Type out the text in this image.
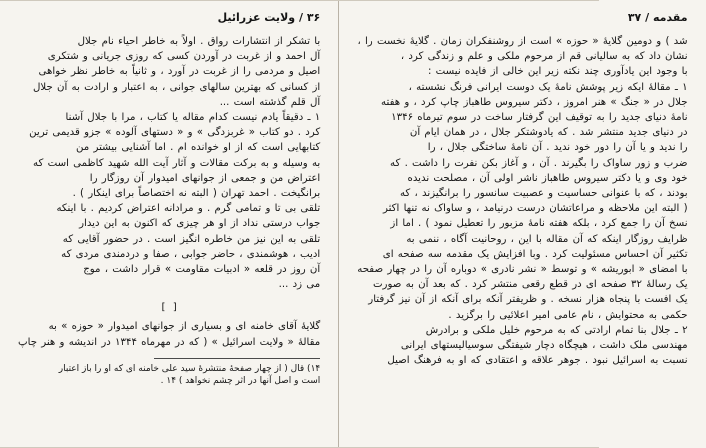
۳۶ / ولایت عزرائیل
با تشکر از انتشارات رواق . اولاً به خاطر احیاء نام جلال
آل احمد و از غربت در آوردن کسی که روزی جریانی و شتکری
اصیل و مردمی را از غربت در آورد ، و ثانیاً به خاطر نظر خواهی
از کسانی که بهترین سالهای جوانی ، به اعتبار و ارادت به آن جلال
آل قلم گذشته است ...
۱ ـ دقیقاً یادم نیست کدام مقاله یا کتاب ، مرا با جلال آشنا
کرد . دو کتاب « غربزدگی » و « دستهای آلوده » جزو قدیمی ترین
کتابهایی است که از او خوانده ام . اما آشنایی بیشتر من
به وسیله و به برکت مقالات و آثار آیت الله شهید کاظمی است که
اعتراض من و جمعی از جوانهای امیدوار آن روزگار را
برانگیخت . احمد تهران ( البته نه اختصاصاً برای اینکار ) .
تلقی بی تا و تمامی گرم . و مرادانه اعتراض کردیم . با اینکه
جواب درستی نداد از او هر چیزی که اکنون به این دیدار
تلقی به این نیز من خاطره انگیز است . در حضور آقایی که
ادیب ، هوشمندی ، حاضر جوابی ، صفا و دردمندی مردی که
آن روز در قلعه « ادبیات مقاومت » قرار داشت ، موج
می زد ...
[ ]
گلایهٔ آقای خامنه ای و بسیاری از جوانهای امیدوار « حوزه » به
مقالهٔ « ولایت اسرائیل » ( که در مهرماه ۱۳۴۴ در اندیشه و هنر چاپ
۱۴) قال ( از چهار صفحهٔ منتشرهٔ سید علی خامنه ای که او را باز اعتبار
است و اصل آنها در اثر چشم نخواهد ) ۱۴ .
مقدمه / ۳۷
شد ) و دومین گلایهٔ « حوزه » است از روشنفکران زمان . گلایهٔ نخست را ،
نشان داد که به سالیانی قم از مرحوم ملکی و علم و زندگی کرد ،
با وجود این یادآوری چند نکته زیر این خالی از فایده نیست :
۱ ـ مقالهٔ ایکه زیر پوشش نامهٔ یک دوست ایرانی فرنگ نشسته ،
جلال در « جنگ » هنر امروز ، دکتر سیروس طاهباز چاپ کرد ، و هفته
نامهٔ دنیای جدید را به توقیف این گرفتار ساخت در سوم تیرماه ۱۳۴۶
در دنیای جدید منتشر شد . که یادوشتکر جلال ، در همان ایام آن
را ندید و یا آن را دور خود ندید . آن نامهٔ ساختگی جلال ، را
ضرب و زور ساواک را بگیرند . آن ، و آغاز بکن نفرت را داشت . که
خود وی و یا دکتر سیروس طاهباز ناشر اولی آن ، مصلحت ندیده
بودند ، که با عنوانی حساسیت و عصبیت سانسور را برانگیزند ، که
( البته این ملاحظه و مراعاتشان درست درنیامد ، و ساواک نه تنها اکثر
نسخ آن را جمع کرد ، بلکه هفته نامهٔ مزبور را تعطیل نمود ) . اما از
ظرایف روزگار اینکه که آن مقاله با این ، روحانیت آگاه ، ننمی به
تکثیر آن احساس مسئولیت کرد . وبا افزایش یک مقدمه سه صفحه ای
با امضای « ابوریشه » و توسط « نشر نادری » دوباره آن را در چهار صفحه
یک رسالهٔ ۳۲ صفحه ای در قطع رقعی منتشر کرد . که بعد آن به صورت
یک افست با پنجاه هزار نسخه . و ظریفتر آنکه برای آنکه از آن نیز گرفتار
حکمی به محتوایش ، نام عامی امیر اعلائیی را برگزید .
۲ ـ جلال بنا تمام ارادتی که به مرحوم خلیل ملکی و برادرش
مهندسی ملک داشت ، هیچگاه دچار شیفتگی سوسیالیستهای ایرانی
نسبت به اسرائیل نبود . جوهر علاقه و اعتقادی که او به فرهنگ اصیل
